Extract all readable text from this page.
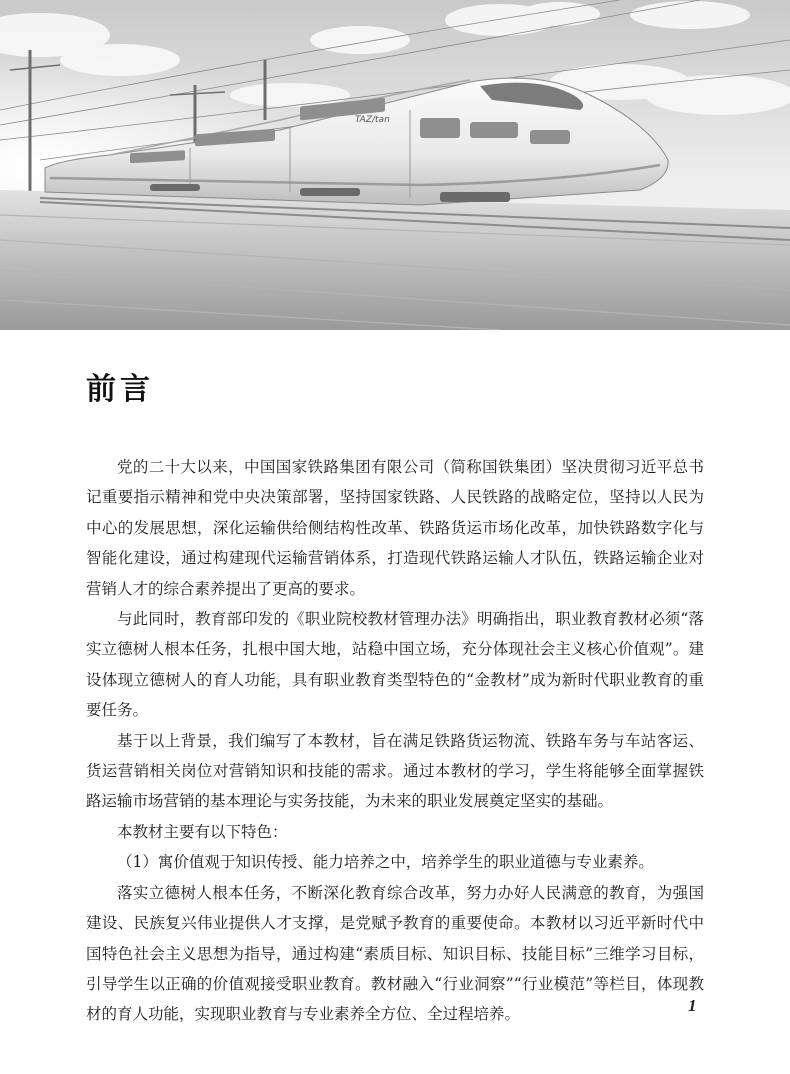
TAZ/tan
前言

党的二十大以来，中国国家铁路集团有限公司（简称国铁集团）坚决贯彻习近平总书记重要指示精神和党中央决策部署，坚持国家铁路、人民铁路的战略定位，坚持以人民为中心的发展思想，深化运输供给侧结构性改革、铁路货运市场化改革，加快铁路数字化与智能化建设，通过构建现代运输营销体系，打造现代铁路运输人才队伍，铁路运输企业对营销人才的综合素养提出了更高的要求。

与此同时，教育部印发的《职业院校教材管理办法》明确指出，职业教育教材必须“落实立德树人根本任务，扎根中国大地，站稳中国立场，充分体现社会主义核心价值观”。建设体现立德树人的育人功能，具有职业教育类型特色的“金教材”成为新时代职业教育的重要任务。

基于以上背景，我们编写了本教材，旨在满足铁路货运物流、铁路车务与车站客运、货运营销相关岗位对营销知识和技能的需求。通过本教材的学习，学生将能够全面掌握铁路运输市场营销的基本理论与实务技能，为未来的职业发展奠定坚实的基础。

本教材主要有以下特色：

（1）寓价值观于知识传授、能力培养之中，培养学生的职业道德与专业素养。

落实立德树人根本任务，不断深化教育综合改革，努力办好人民满意的教育，为强国建设、民族复兴伟业提供人才支撑，是党赋予教育的重要使命。本教材以习近平新时代中国特色社会主义思想为指导，通过构建“素质目标、知识目标、技能目标”三维学习目标，引导学生以正确的价值观接受职业教育。教材融入“行业洞察”“行业模范”等栏目，体现教材的育人功能，实现职业教育与专业素养全方位、全过程培养。	1
